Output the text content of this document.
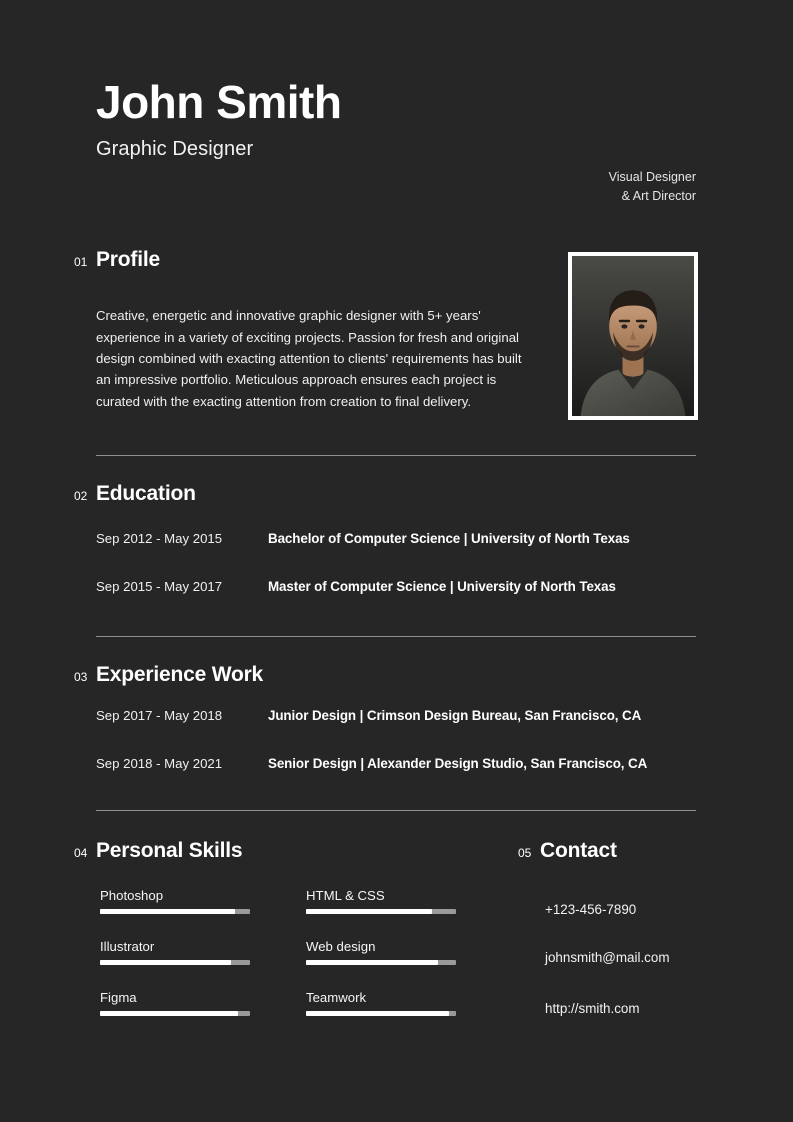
John Smith
Graphic Designer
Visual Designer
& Art Director
01 Profile

Creative, energetic and innovative graphic designer with 5+ years' experience in a variety of exciting projects. Passion for fresh and original design combined with exacting attention to clients' requirements has built an impressive portfolio. Meticulous approach ensures each project is curated with the exacting attention from creation to final delivery.

02 Education
Sep 2012 - May 2015	Bachelor of Computer Science | University of North Texas
Sep 2015 - May 2017	Master of Computer Science | University of North Texas
03 Experience Work
Sep 2017 - May 2018	Junior Design | Crimson Design Bureau, San Francisco, CA
Sep 2018 - May 2021	Senior Design | Alexander Design Studio, San Francisco, CA
04 Personal Skills
Photoshop
Illustrator
Figma
HTML & CSS
Web design
Teamwork
05 Contact
+123-456-7890
johnsmith@mail.com
http://smith.com
